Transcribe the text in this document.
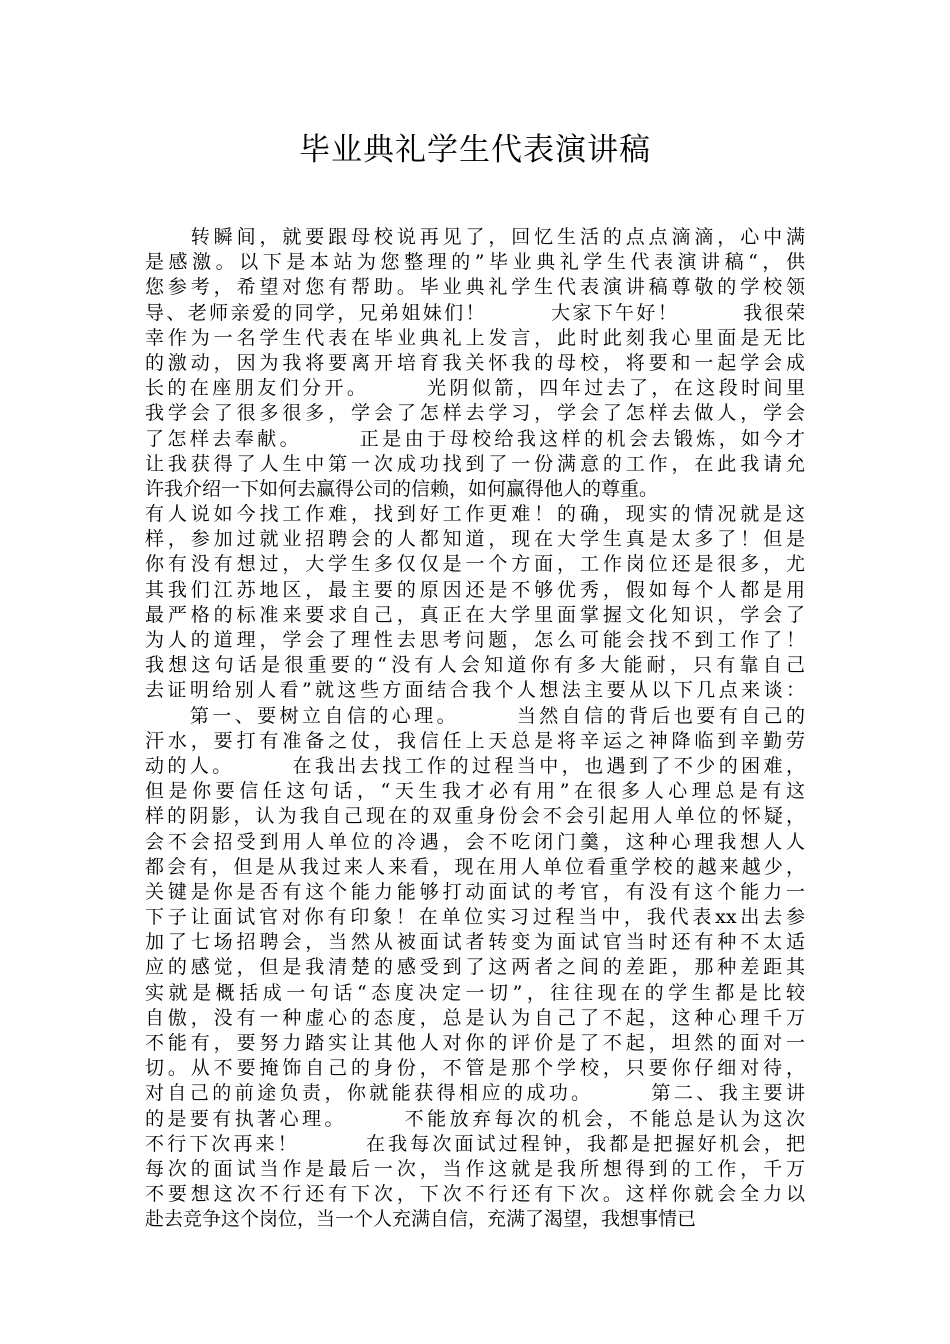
毕业典礼学生代表演讲稿
　　转瞬间，就要跟母校说再见了，回忆生活的点点滴滴，心中满
是感激。以下是本站为您整理的”毕业典礼学生代表演讲稿“，供
您参考，希望对您有帮助。毕业典礼学生代表演讲稿尊敬的学校领
导、老师亲爱的同学，兄弟姐妹们！　　　大家下午好！　　　我很荣
幸作为一名学生代表在毕业典礼上发言，此时此刻我心里面是无比
的激动，因为我将要离开培育我关怀我的母校，将要和一起学会成
长的在座朋友们分开。　　　光阴似箭，四年过去了，在这段时间里
我学会了很多很多，学会了怎样去学习，学会了怎样去做人，学会
了怎样去奉献。　　　正是由于母校给我这样的机会去锻炼，如今才
让我获得了人生中第一次成功找到了一份满意的工作，在此我请允
许我介绍一下如何去赢得公司的信赖，如何赢得他人的尊重。
有人说如今找工作难，找到好工作更难！的确，现实的情况就是这
样，参加过就业招聘会的人都知道，现在大学生真是太多了！但是
你有没有想过，大学生多仅仅是一个方面，工作岗位还是很多，尤
其我们江苏地区，最主要的原因还是不够优秀，假如每个人都是用
最严格的标准来要求自己，真正在大学里面掌握文化知识，学会了
为人的道理，学会了理性去思考问题，怎么可能会找不到工作了！
我想这句话是很重要的“没有人会知道你有多大能耐，只有靠自己
去证明给别人看”就这些方面结合我个人想法主要从以下几点来谈：
　　第一、要树立自信的心理。　　　当然自信的背后也要有自己的
汗水，要打有准备之仗，我信任上天总是将辛运之神降临到辛勤劳
动的人。　　　在我出去找工作的过程当中，也遇到了不少的困难，
但是你要信任这句话，“天生我才必有用”在很多人心理总是有这
样的阴影，认为我自己现在的双重身份会不会引起用人单位的怀疑，
会不会招受到用人单位的冷遇，会不吃闭门羹，这种心理我想人人
都会有，但是从我过来人来看，现在用人单位看重学校的越来越少，
关键是你是否有这个能力能够打动面试的考官，有没有这个能力一
下子让面试官对你有印象！在单位实习过程当中，我代表xx出去参
加了七场招聘会，当然从被面试者转变为面试官当时还有种不太适
应的感觉，但是我清楚的感受到了这两者之间的差距，那种差距其
实就是概括成一句话“态度决定一切”，往往现在的学生都是比较
自傲，没有一种虚心的态度，总是认为自己了不起，这种心理千万
不能有，要努力踏实让其他人对你的评价是了不起，坦然的面对一
切。从不要掩饰自己的身份，不管是那个学校，只要你仔细对待，
对自己的前途负责，你就能获得相应的成功。　　　第二、我主要讲
的是要有执著心理。　　　不能放弃每次的机会，不能总是认为这次
不行下次再来！　　　在我每次面试过程钟，我都是把握好机会，把
每次的面试当作是最后一次，当作这就是我所想得到的工作，千万
不要想这次不行还有下次，下次不行还有下次。这样你就会全力以
赴去竞争这个岗位，当一个人充满自信，充满了渴望，我想事情已
